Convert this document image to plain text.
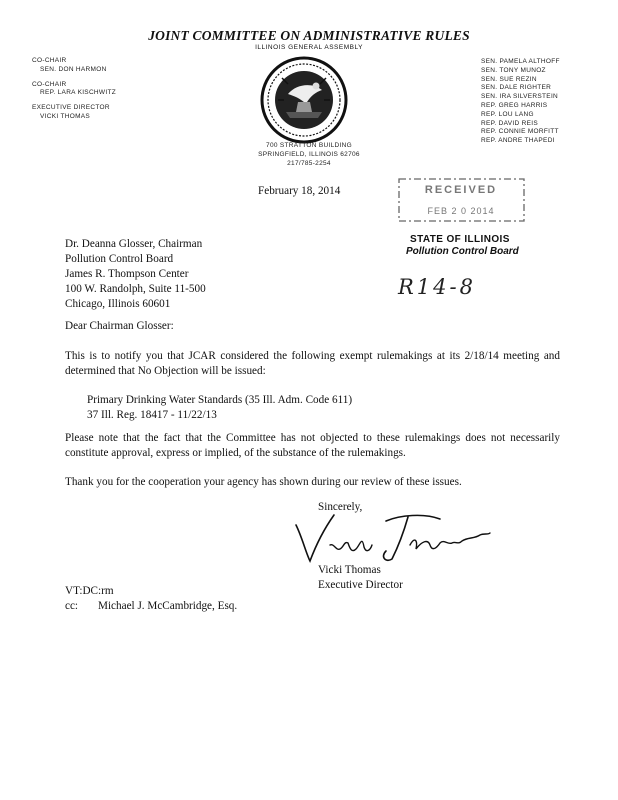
JOINT COMMITTEE ON ADMINISTRATIVE RULES
ILLINOIS GENERAL ASSEMBLY
CO-CHAIR
SEN. DON HARMON
CO-CHAIR
REP. LARA KISCHWITZ
EXECUTIVE DIRECTOR
VICKI THOMAS
SEN. PAMELA ALTHOFF
SEN. TONY MUNOZ
SEN. SUE REZIN
SEN. DALE RIGHTER
SEN. IRA SILVERSTEIN
REP. GREG HARRIS
REP. LOU LANG
REP. DAVID REIS
REP. CONNIE MORFITT
REP. ANDRE THAPEDI
700 STRATTON BUILDING
SPRINGFIELD, ILLINOIS 62706
217/785-2254
February 18, 2014	RECEIVED
FEB 2 0 2014
STATE OF ILLINOIS
Pollution Control Board
R14-8
Dr. Deanna Glosser, Chairman
Pollution Control Board
James R. Thompson Center
100 W. Randolph, Suite 11-500
Chicago, Illinois 60601
Dear Chairman Glosser:
This is to notify you that JCAR considered the following exempt rulemakings at its 2/18/14 meeting and determined that No Objection will be issued:
Primary Drinking Water Standards (35 Ill. Adm. Code 611)
37 Ill. Reg. 18417 - 11/22/13
Please note that the fact that the Committee has not objected to these rulemakings does not necessarily constitute approval, express or implied, of the substance of the rulemakings.
Thank you for the cooperation your agency has shown during our review of these issues.
Sincerely,
Vicki Thomas
Executive Director
VT:DC:rm
cc: Michael J. McCambridge, Esq.
